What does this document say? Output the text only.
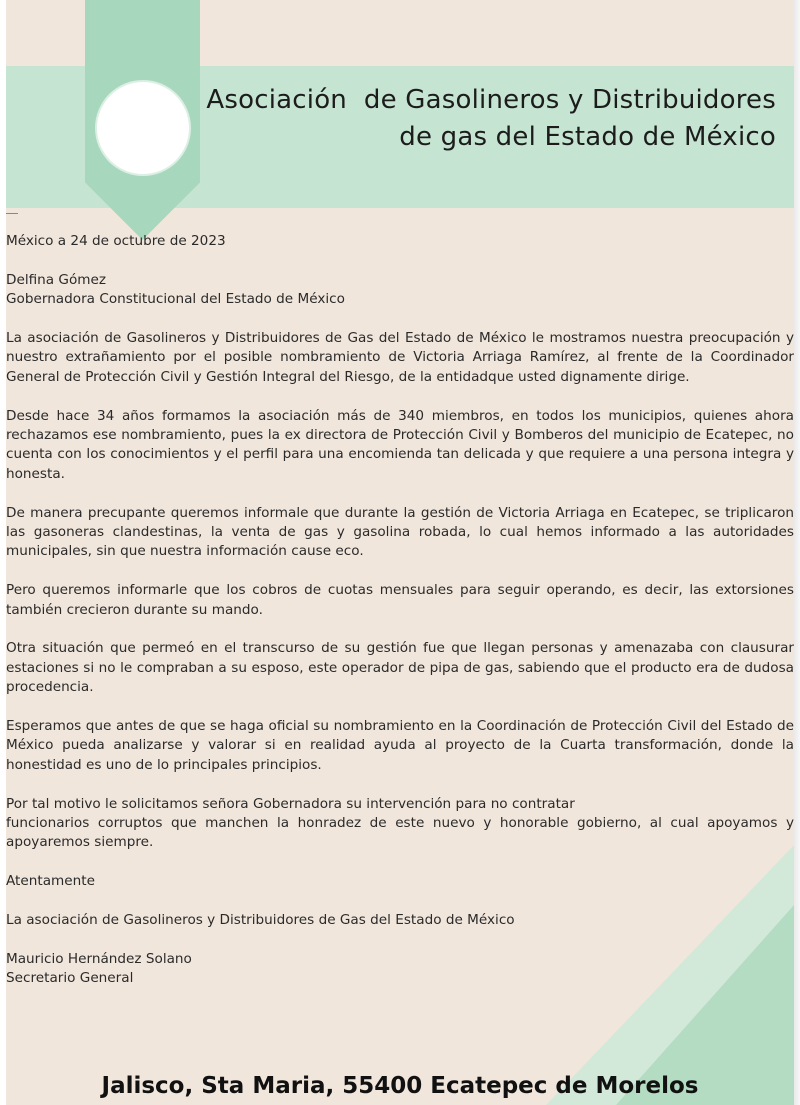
Asociación  de Gasolineros y Distribuidores
de gas del Estado de México

México a 24 de octubre de 2023

Delfina Gómez

Gobernadora Constitucional del Estado de México

La asociación de Gasolineros y Distribuidores de Gas del Estado de México le mostramos nuestra preocupación y nuestro extrañamiento por el posible nombramiento de Victoria Arriaga Ramírez, al frente de la Coordinador General de Protección Civil y Gestión Integral del Riesgo, de la entidadque usted dignamente dirige.

Desde hace 34 años formamos la asociación más de 340 miembros, en todos los municipios, quienes ahora rechazamos ese nombramiento, pues la ex directora de Protección Civil y Bomberos del municipio de Ecatepec, no cuenta con los conocimientos y el perfil para una encomienda tan delicada y que requiere a una persona integra y honesta.

De manera precupante queremos informale que durante la gestión de Victoria Arriaga en Ecatepec, se triplicaron las gasoneras clandestinas, la venta de gas y gasolina robada, lo cual hemos informado a las autoridades municipales, sin que nuestra información cause eco.

Pero queremos informarle que los cobros de cuotas mensuales para seguir operando, es decir, las extorsiones también crecieron durante su mando.

Otra situación que permeó en el transcurso de su gestión fue que llegan personas y amenazaba con clausurar estaciones si no le compraban a su esposo, este operador de pipa de gas, sabiendo que el producto era de dudosa procedencia.

Esperamos que antes de que se haga oficial su nombramiento en la Coordinación de Protección Civil del Estado de México pueda analizarse y valorar si en realidad ayuda al proyecto de la Cuarta transformación, donde la honestidad es uno de lo principales principios.

Por tal motivo le solicitamos señora Gobernadora su intervención para no contratar

funcionarios corruptos que manchen la honradez de este nuevo y honorable gobierno, al cual apoyamos y apoyaremos siempre.

Atentamente

La asociación de Gasolineros y Distribuidores de Gas del Estado de México

Mauricio Hernández Solano

Secretario General

Jalisco, Sta Maria, 55400 Ecatepec de Morelos
